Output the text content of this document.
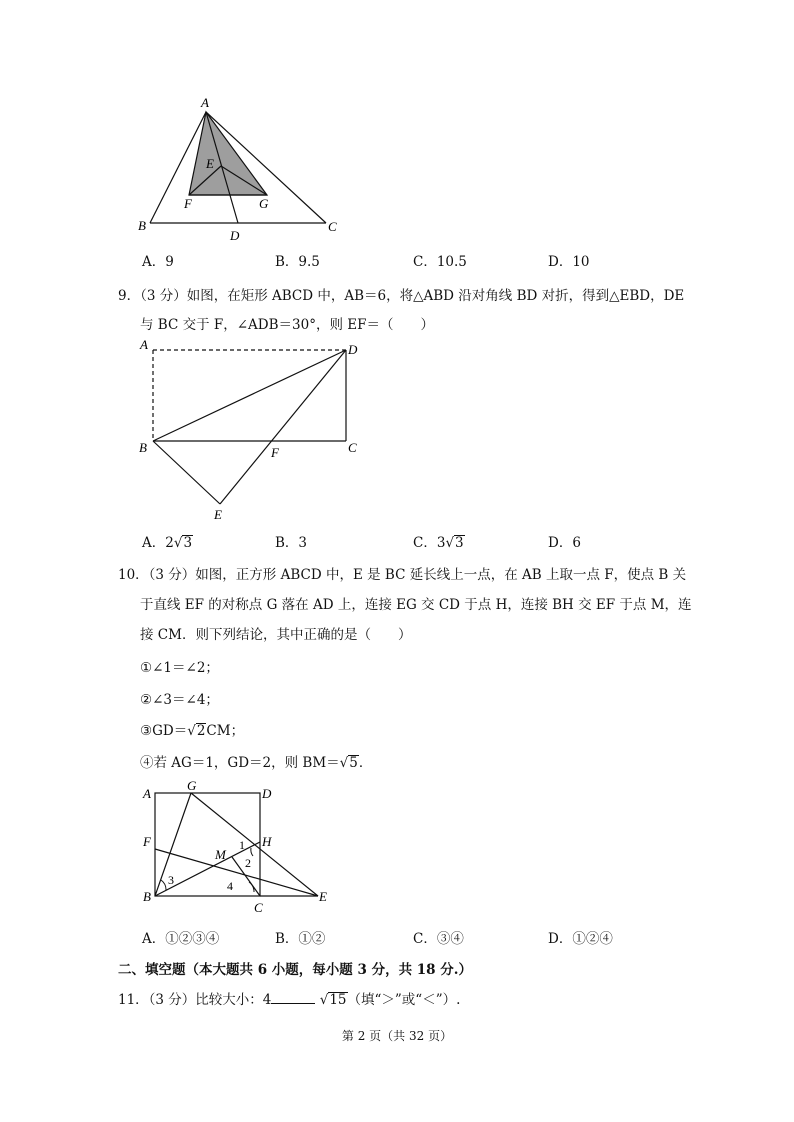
A
E
F	G
B
D
C
A．9	B．9.5	C．10.5	D．10
9．（3 分）如图，在矩形 ABCD 中，AB＝6，将△ABD 沿对角线 BD 对折，得到△EBD，DE
与 BC 交于 F，∠ADB＝30°，则 EF＝（　　）
A	D
B	F	C
E
A．2√3	B．3	C．3√3	D．6
10．（3 分）如图，正方形 ABCD 中，E 是 BC 延长线上一点，在 AB 上取一点 F，使点 B 关
于直线 EF 的对称点 G 落在 AD 上，连接 EG 交 CD 于点 H，连接 BH 交 EF 于点 M，连
接 CM．则下列结论，其中正确的是（　　）
①∠1＝∠2；
②∠3＝∠4；
③GD＝√2CM；
④若 AG＝1，GD＝2，则 BM＝√5．
A
G
D
F	H
M
B
C
E
1
2
3	4
A．①②③④	B．①②	C．③④	D．①②④
二、填空题（本大题共 6 小题，每小题 3 分，共 18 分.）
11．（3 分）比较大小：4	√15（填“＞”或“＜”）.
第 2 页（共 32 页）
